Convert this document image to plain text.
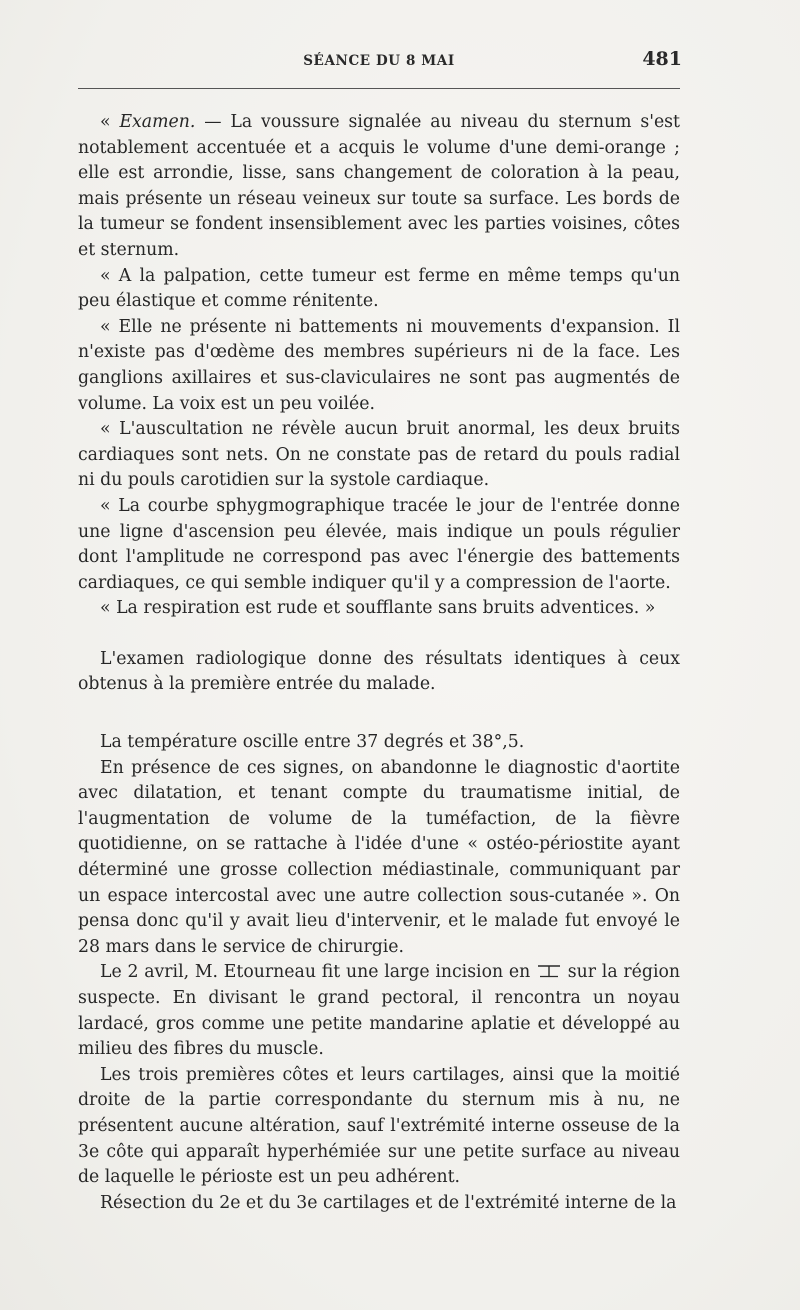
SÉANCE DU 8 MAI	481

« Examen. — La voussure signalée au niveau du sternum s'est notablement accentuée et a acquis le volume d'une demi-orange ; elle est arrondie, lisse, sans changement de coloration à la peau, mais présente un réseau veineux sur toute sa surface. Les bords de la tumeur se fondent insensiblement avec les parties voisines, côtes et sternum.

« A la palpation, cette tumeur est ferme en même temps qu'un peu élastique et comme rénitente.

« Elle ne présente ni battements ni mouvements d'expansion. Il n'existe pas d'œdème des membres supérieurs ni de la face. Les ganglions axillaires et sus-claviculaires ne sont pas augmentés de volume. La voix est un peu voilée.

« L'auscultation ne révèle aucun bruit anormal, les deux bruits cardiaques sont nets. On ne constate pas de retard du pouls radial ni du pouls carotidien sur la systole cardiaque.

« La courbe sphygmographique tracée le jour de l'entrée donne une ligne d'ascension peu élevée, mais indique un pouls régulier dont l'amplitude ne correspond pas avec l'énergie des battements cardiaques, ce qui semble indiquer qu'il y a compression de l'aorte.

« La respiration est rude et soufflante sans bruits adventices. »

L'examen radiologique donne des résultats identiques à ceux obtenus à la première entrée du malade.

La température oscille entre 37 degrés et 38°,5.

En présence de ces signes, on abandonne le diagnostic d'aortite avec dilatation, et tenant compte du traumatisme initial, de l'augmentation de volume de la tuméfaction, de la fièvre quotidienne, on se rattache à l'idée d'une « ostéo-périostite ayant déterminé une grosse collection médiastinale, communiquant par un espace intercostal avec une autre collection sous-cutanée ». On pensa donc qu'il y avait lieu d'intervenir, et le malade fut envoyé le 28 mars dans le service de chirurgie.

Le 2 avril, M. Etourneau fit une large incision en
sur la région suspecte. En divisant le grand pectoral, il rencontra un noyau lardacé, gros comme une petite mandarine aplatie et développé au milieu des fibres du muscle.

Les trois premières côtes et leurs cartilages, ainsi que la moitié droite de la partie correspondante du sternum mis à nu, ne présentent aucune altération, sauf l'extrémité interne osseuse de la 3e côte qui apparaît hyperhémiée sur une petite surface au niveau de laquelle le périoste est un peu adhérent.

Résection du 2e et du 3e cartilages et de l'extrémité interne de la
